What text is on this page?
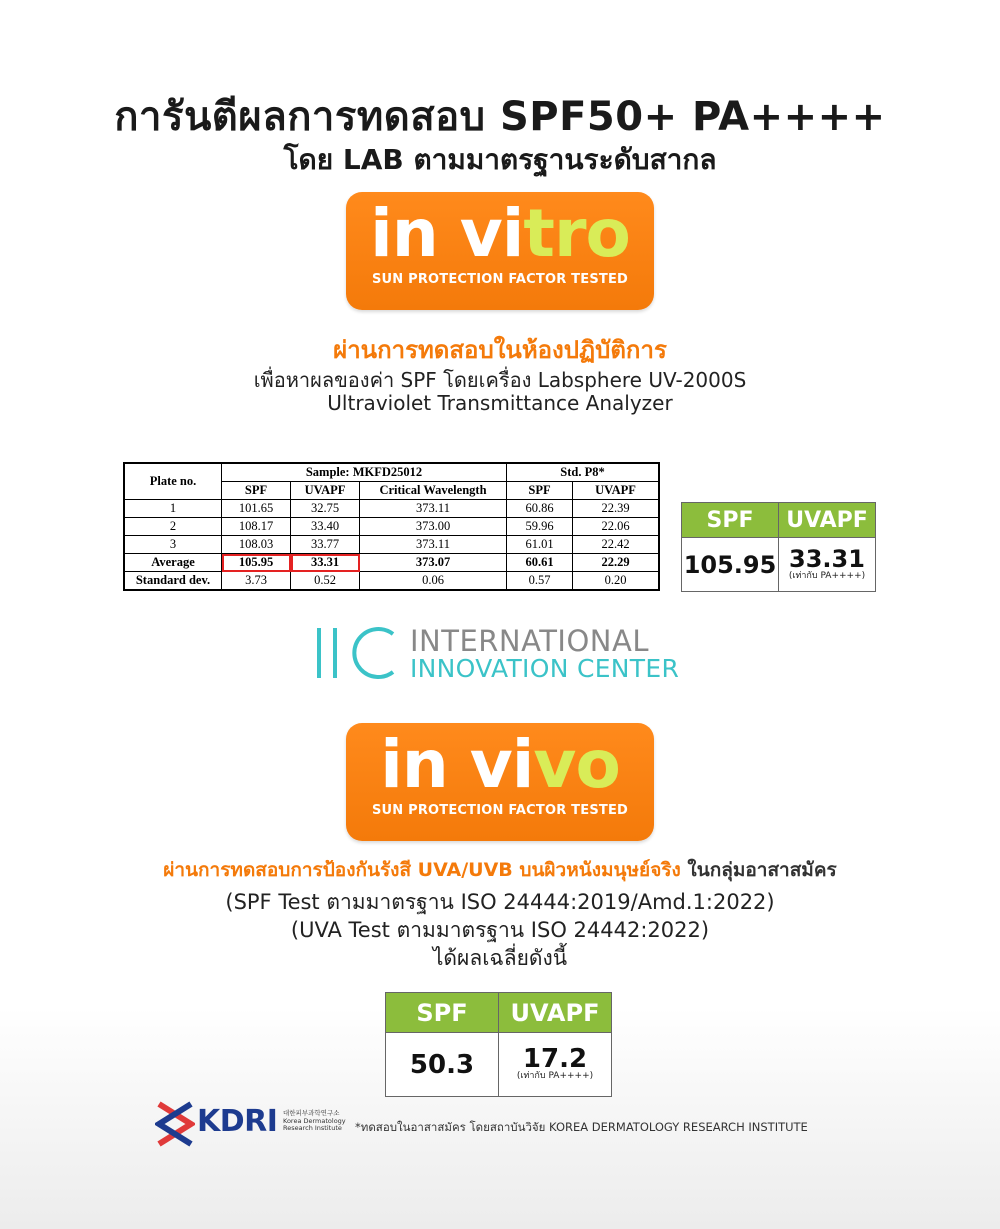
การันตีผลการทดสอบ SPF50+ PA++++
โดย LAB ตามมาตรฐานระดับสากล
in vitro
SUN PROTECTION FACTOR TESTED
ผ่านการทดสอบในห้องปฏิบัติการ
เพื่อหาผลของค่า SPF โดยเครื่อง Labsphere UV-2000S
Ultraviolet Transmittance Analyzer
Plate no.	Sample: MKFD25012			Std. P8*	
	SPF	UVAPF	Critical Wavelength	SPF	UVAPF
1	101.65	32.75	373.11	60.86	22.39
2	108.17	33.40	373.00	59.96	22.06
3	108.03	33.77	373.11	61.01	22.42
Average	105.95	33.31	373.07	60.61	22.29
Standard dev.	3.73	0.52	0.06	0.57	0.20
SPF	UVAPF
105.95	33.31
(เท่ากับ PA++++)
INTERNATIONAL
INNOVATION CENTER
in vivo
SUN PROTECTION FACTOR TESTED
ผ่านการทดสอบการป้องกันรังสี UVA/UVB บนผิวหนังมนุษย์จริง ในกลุ่มอาสาสมัคร
(SPF Test ตามมาตรฐาน ISO 24444:2019/Amd.1:2022)
(UVA Test ตามมาตรฐาน ISO 24442:2022)
ได้ผลเฉลี่ยดังนี้
SPF	UVAPF
50.3	17.2
(เท่ากับ PA++++)
KDRI 대한피부과학연구소
Korea Dermatology
Research Institute	*ทดสอบในอาสาสมัคร โดยสถาบันวิจัย KOREA DERMATOLOGY RESEARCH INSTITUTE
